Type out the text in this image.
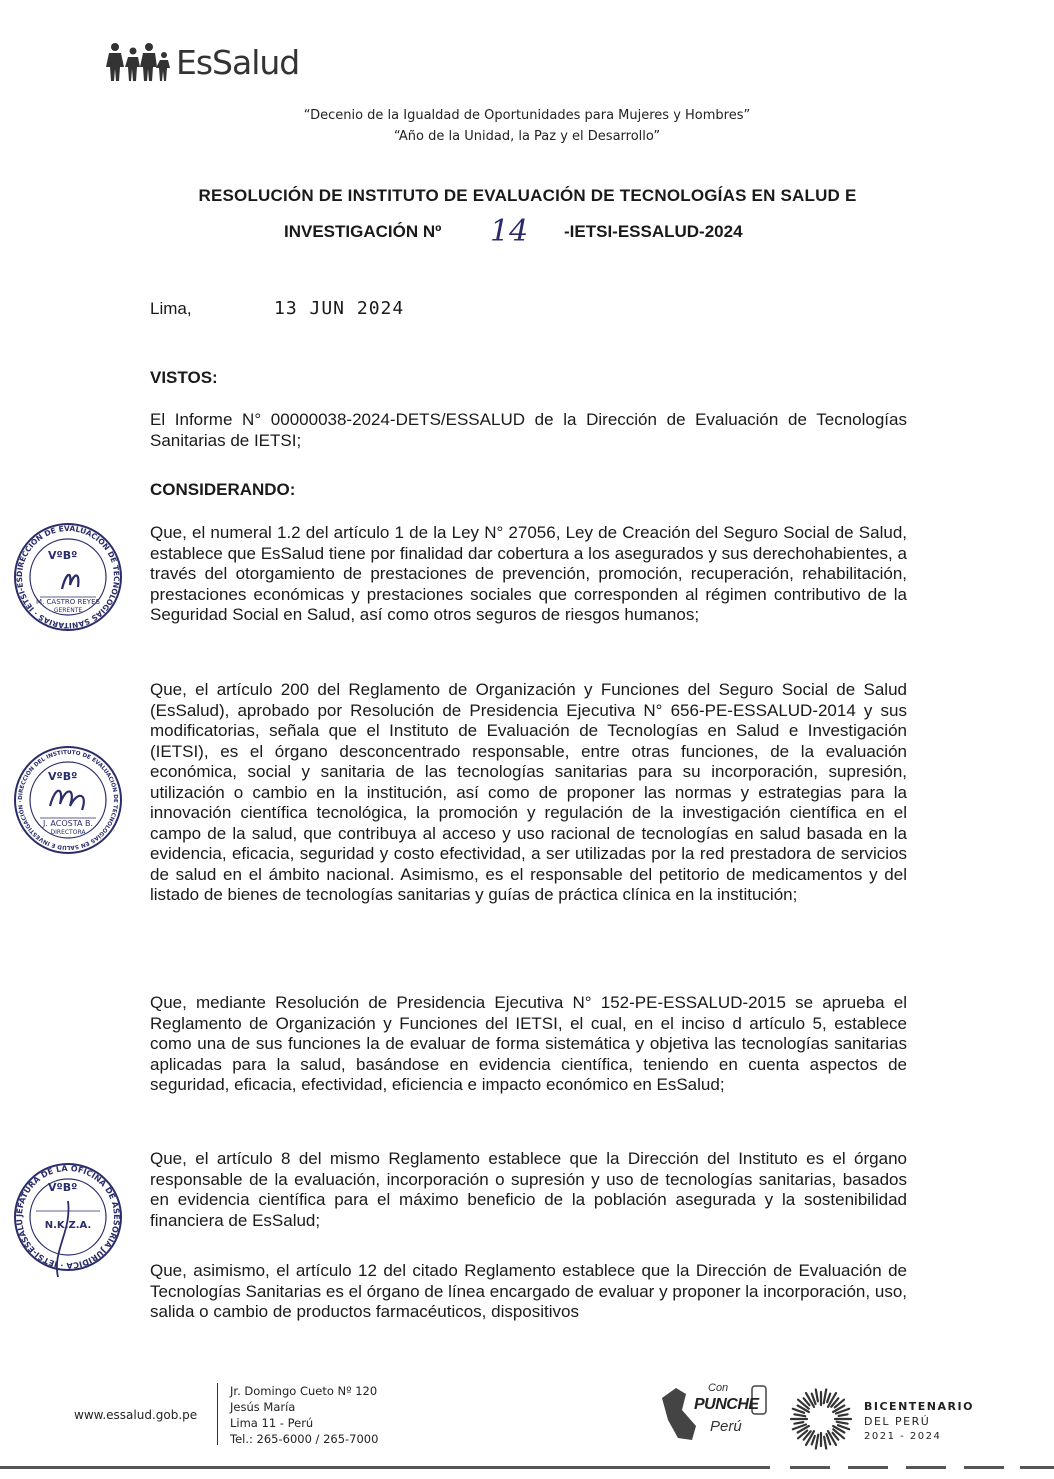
EsSalud
“Decenio de la Igualdad de Oportunidades para Mujeres y Hombres”
“Año de la Unidad, la Paz y el Desarrollo”
RESOLUCIÓN DE INSTITUTO DE EVALUACIÓN DE TECNOLOGÍAS EN SALUD E
INVESTIGACIÓN Nº 14 -IETSI-ESSALUD-2024
Lima,	13 JUN 2024
VISTOS:
El Informe N° 00000038-2024-DETS/ESSALUD de la Dirección de Evaluación de Tecnologías Sanitarias de IETSI;
CONSIDERANDO:
Que, el numeral 1.2 del artículo 1 de la Ley N° 27056, Ley de Creación del Seguro Social de Salud, establece que EsSalud tiene por finalidad dar cobertura a los asegurados y sus derechohabientes, a través del otorgamiento de prestaciones de prevención, promoción, recuperación, rehabilitación, prestaciones económicas y prestaciones sociales que corresponden al régimen contributivo de la Seguridad Social en Salud, así como otros seguros de riesgos humanos;
Que, el artículo 200 del Reglamento de Organización y Funciones del Seguro Social de Salud (EsSalud), aprobado por Resolución de Presidencia Ejecutiva N° 656-PE-ESSALUD-2014 y sus modificatorias, señala que el Instituto de Evaluación de Tecnologías en Salud e Investigación (IETSI), es el órgano desconcentrado responsable, entre otras funciones, de la evaluación económica, social y sanitaria de las tecnologías sanitarias para su incorporación, supresión, utilización o cambio en la institución, así como de proponer las normas y estrategias para la innovación científica tecnológica, la promoción y regulación de la investigación científica en el campo de la salud, que contribuya al acceso y uso racional de tecnologías en salud basada en la evidencia, eficacia, seguridad y costo efectividad, a ser utilizadas por la red prestadora de servicios de salud en el ámbito nacional. Asimismo, es el responsable del petitorio de medicamentos y del listado de bienes de tecnologías sanitarias y guías de práctica clínica en la institución;
Que, mediante Resolución de Presidencia Ejecutiva N° 152-PE-ESSALUD-2015 se aprueba el Reglamento de Organización y Funciones del IETSI, el cual, en el inciso d artículo 5, establece como una de sus funciones la de evaluar de forma sistemática y objetiva las tecnologías sanitarias aplicadas para la salud, basándose en evidencia científica, teniendo en cuenta aspectos de seguridad, eficacia, efectividad, eficiencia e impacto económico en EsSalud;
Que, el artículo 8 del mismo Reglamento establece que la Dirección del Instituto es el órgano responsable de la evaluación, incorporación o supresión y uso de tecnologías sanitarias, basados en evidencia científica para el máximo beneficio de la población asegurada y la sostenibilidad financiera de EsSalud;
Que, asimismo, el artículo 12 del citado Reglamento establece que la Dirección de Evaluación de Tecnologías Sanitarias es el órgano de línea encargado de evaluar y proponer la incorporación, uso, salida o cambio de productos farmacéuticos, dispositivos
DIRECCIÓN DE EVALUACIÓN DE TECNOLOGÍAS SANITARIAS · IETSI-ES
VºBº
M. CASTRO REYES
GERENTE
DIRECCIÓN DEL INSTITUTO DE EVALUACIÓN DE TECNOLOGÍAS EN SALUD E INVESTIGACIÓN ·
VºBº
J. ACOSTA B.
DIRECTORA
JEFATURA DE LA OFICINA DE ASESORÍA JURÍDICA · IETSI-ESSALU
VºBº
N.K.Z.A.
www.essalud.gob.pe
Jr. Domingo Cueto Nº 120
Jesús María
Lima 11 - Perú
Tel.: 265-6000 / 265-7000
Con
PUNCHE
Perú
BICENTENARIO
DEL PERÚ
2021 - 2024
